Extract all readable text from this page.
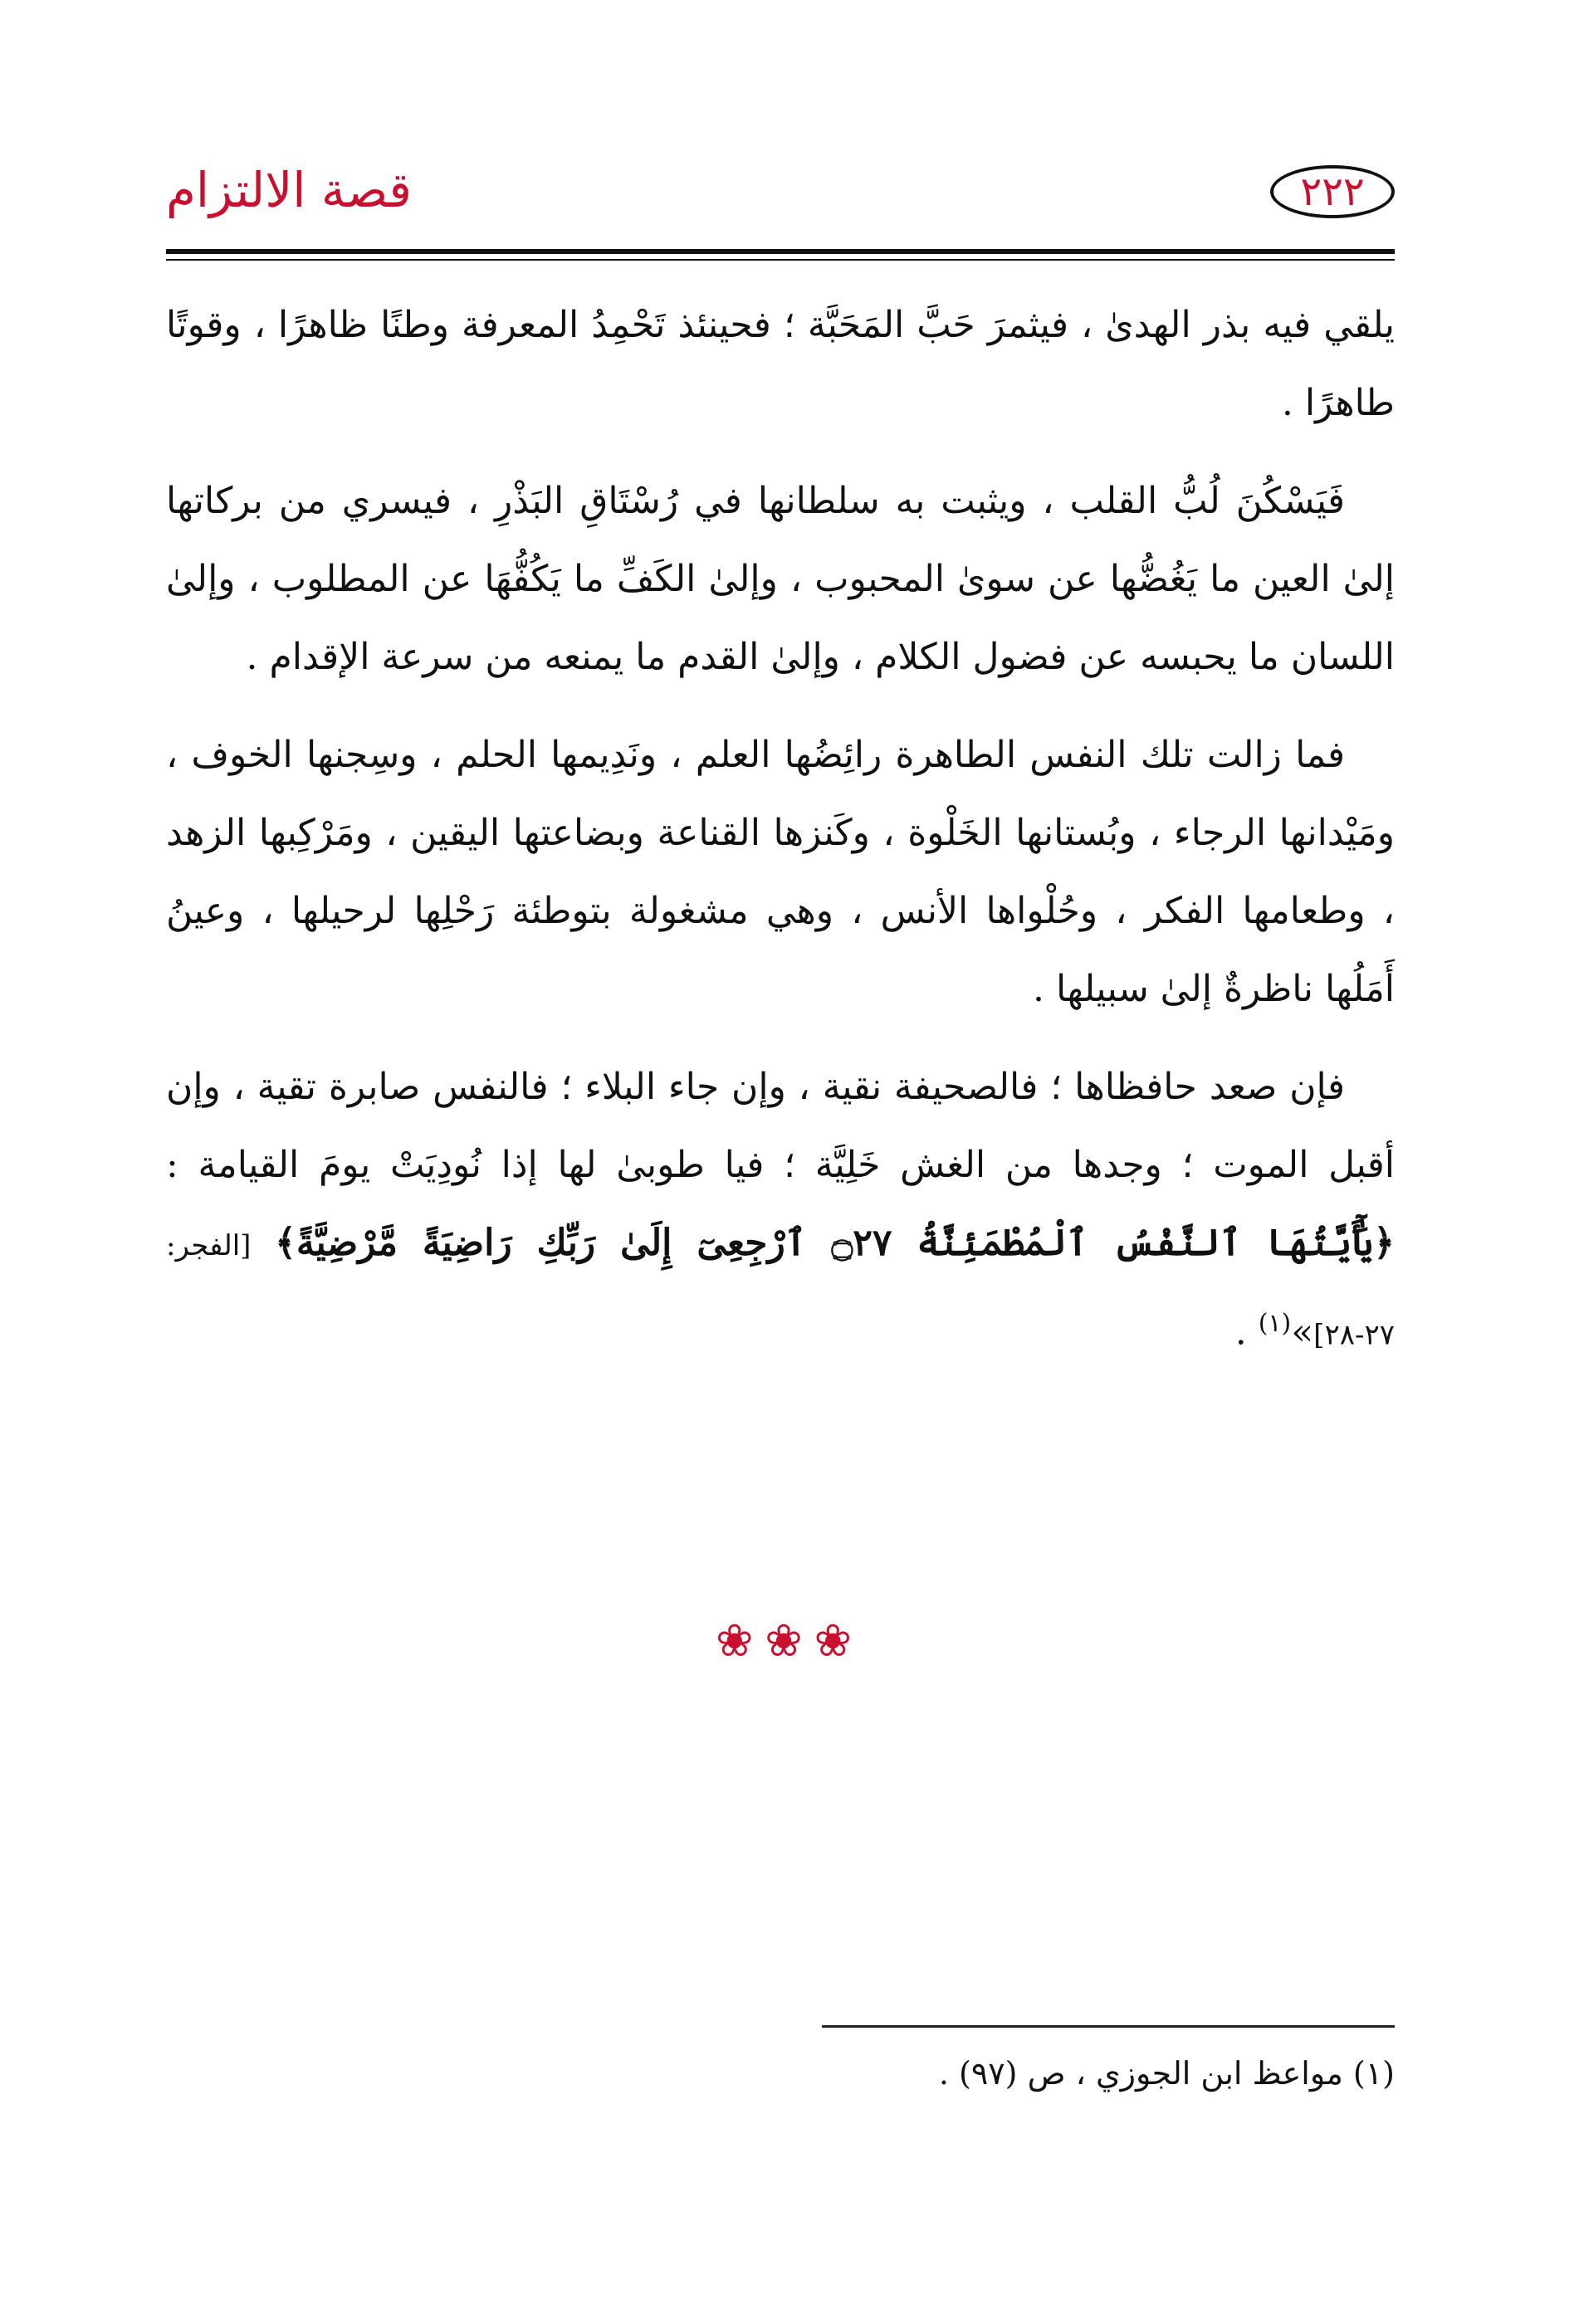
قصة الالتزام	٢٢٢

يلقي فيه بذر الهدىٰ ، فيثمرَ حَبَّ المَحَبَّة ؛ فحينئذ تَحْمِدُ المعرفة وطنًا ظاهرًا ، وقوتًا طاهرًا .

فَيَسْكُنَ لُبُّ القلب ، ويثبت به سلطانها في رُسْتَاقِ البَذْرِ ، فيسري من بركاتها إلىٰ العين ما يَغُضُّها عن سوىٰ المحبوب ، وإلىٰ الكَفِّ ما يَكُفُّهَا عن المطلوب ، وإلىٰ اللسان ما يحبسه عن فضول الكلام ، وإلىٰ القدم ما يمنعه من سرعة الإقدام .

فما زالت تلك النفس الطاهرة رائِضُها العلم ، ونَدِيمها الحلم ، وسِجنها الخوف ، ومَيْدانها الرجاء ، وبُستانها الخَلْوة ، وكَنزها القناعة وبضاعتها اليقين ، ومَرْكِبها الزهد ، وطعامها الفكر ، وحُلْواها الأنس ، وهي مشغولة بتوطئة رَحْلِها لرحيلها ، وعينُ أَمَلُها ناظرةٌ إلىٰ سبيلها .

فإن صعد حافظاها ؛ فالصحيفة نقية ، وإن جاء البلاء ؛ فالنفس صابرة تقية ، وإن أقبل الموت ؛ وجدها من الغش خَلِيَّة ؛ فيا طوبىٰ لها إذا نُودِيَتْ يومَ القيامة : ﴿يَٰٓأَيَّتُهَا ٱلنَّفْسُ ٱلْمُطْمَئِنَّةُ ۝٢٧ ٱرْجِعِىٓ إِلَىٰ رَبِّكِ رَاضِيَةً مَّرْضِيَّةً﴾ [الفجر: ٢٧-٢٨]»$^{(١)}$ .

❀❀❀
(١) مواعظ ابن الجوزي ، ص (٩٧) .
